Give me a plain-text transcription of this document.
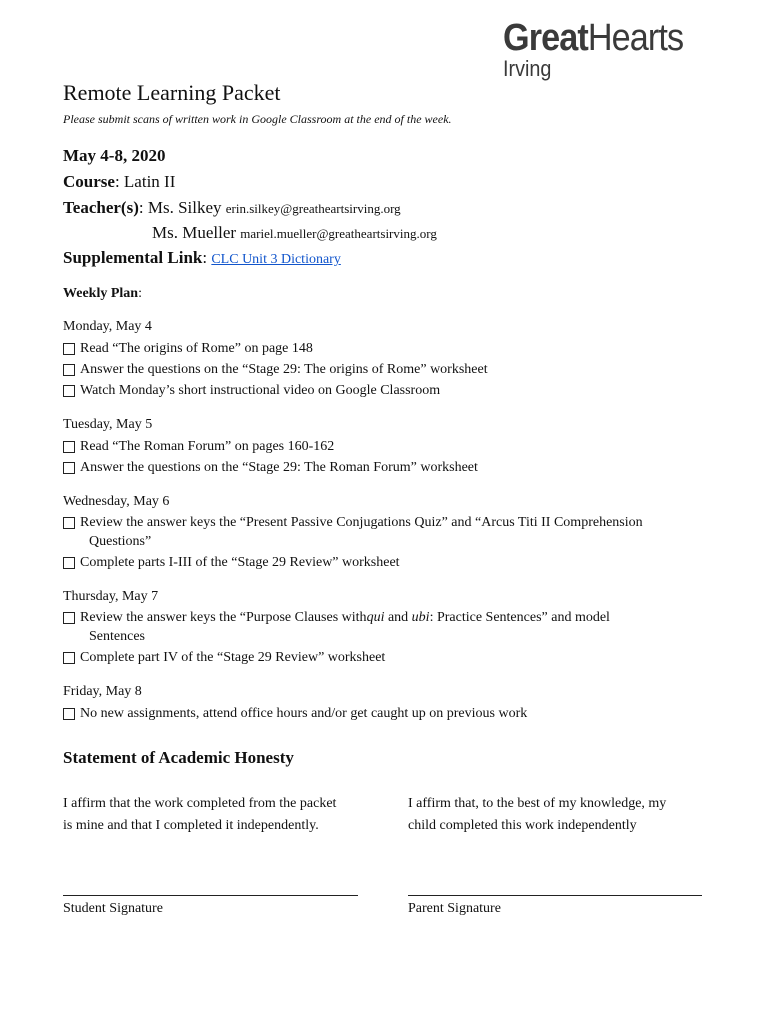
GreatHearts
Irving
Remote Learning Packet
Please submit scans of written work in Google Classroom at the end of the week.
May 4-8, 2020
Course: Latin II
Teacher(s): Ms. Silkey erin.silkey@greatheartsirving.org
Ms. Mueller mariel.mueller@greatheartsirving.org
Supplemental Link: CLC Unit 3 Dictionary
Weekly Plan:
Monday, May 4
Read “The origins of Rome” on page 148
Answer the questions on the “Stage 29: The origins of Rome” worksheet
Watch Monday’s short instructional video on Google Classroom
Tuesday, May 5
Read “The Roman Forum” on pages 160-162
Answer the questions on the “Stage 29: The Roman Forum” worksheet
Wednesday, May 6
Review the answer keys the “Present Passive Conjugations Quiz” and “Arcus Titi II Comprehension
Questions”
Complete parts I-III of the “Stage 29 Review” worksheet
Thursday, May 7
Review the answer keys the “Purpose Clauses with qui and ubi : Practice Sentences” and model
Sentences
Complete part IV of the “Stage 29 Review” worksheet
Friday, May 8
No new assignments, attend office hours and/or get caught up on previous work
Statement of Academic Honesty
I affirm that the work completed from the packet
is mine and that I completed it independently.
I affirm that, to the best of my knowledge, my
child completed this work independently
Student Signature	Parent Signature
